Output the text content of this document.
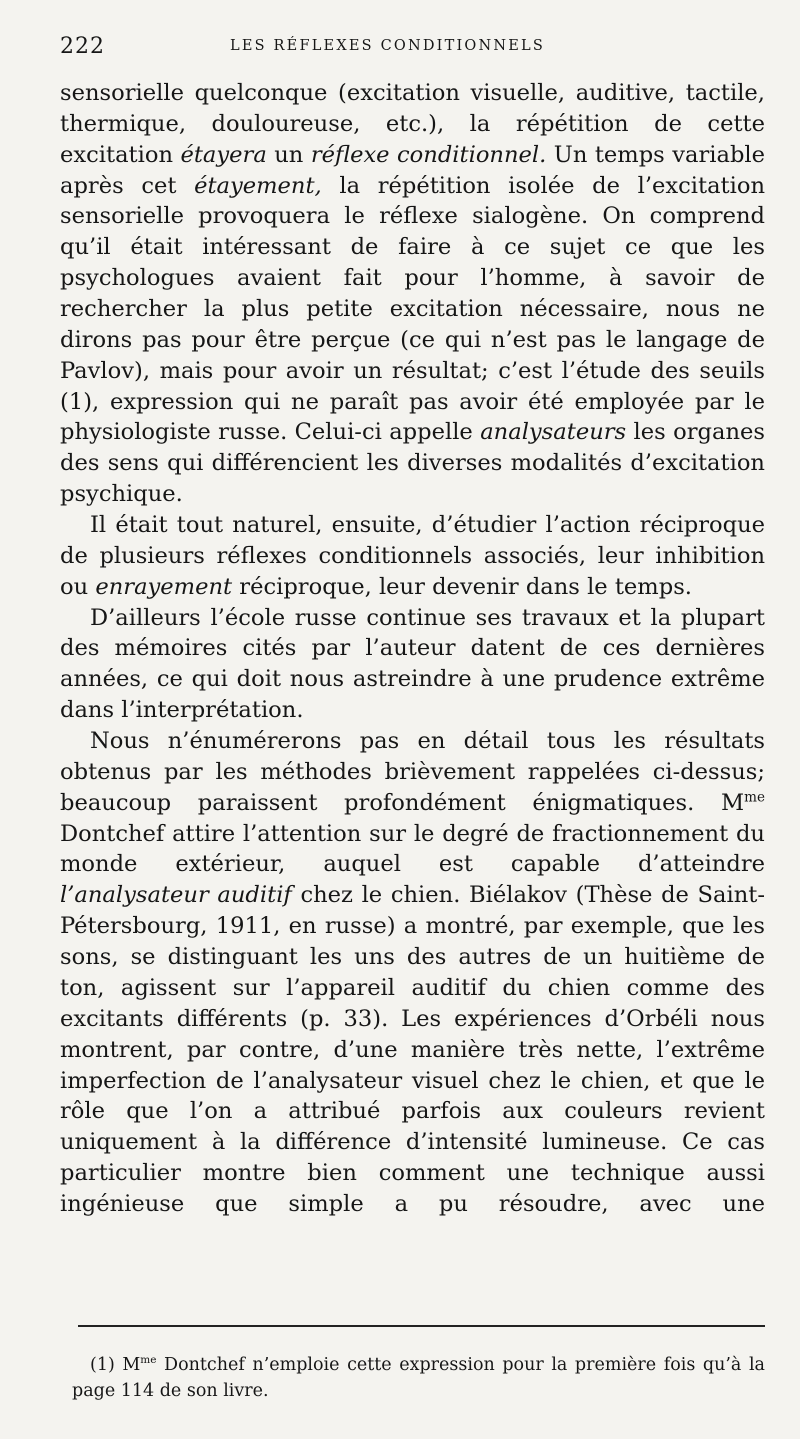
222	LES RÉFLEXES CONDITIONNELS

sensorielle quelconque (excitation visuelle, auditive, tactile, thermique, douloureuse, etc.), la répétition de cette excitation étayera un réflexe conditionnel. Un temps variable après cet étayement, la répétition isolée de l’excitation sensorielle provoquera le réflexe sialogène. On comprend qu’il était intéressant de faire à ce sujet ce que les psychologues avaient fait pour l’homme, à savoir de rechercher la plus petite excitation nécessaire, nous ne dirons pas pour être perçue (ce qui n’est pas le langage de Pavlov), mais pour avoir un résultat; c’est l’étude des seuils (1), expression qui ne paraît pas avoir été employée par le physiologiste russe. Celui-ci appelle analysateurs les organes des sens qui différencient les diverses modalités d’excitation psychique.

Il était tout naturel, ensuite, d’étudier l’action réciproque de plusieurs réflexes conditionnels associés, leur inhibition ou enrayement réciproque, leur devenir dans le temps.

D’ailleurs l’école russe continue ses travaux et la plupart des mémoires cités par l’auteur datent de ces dernières années, ce qui doit nous astreindre à une prudence extrême dans l’interprétation.

Nous n’énumérerons pas en détail tous les résultats obtenus par les méthodes brièvement rappelées ci-dessus; beaucoup paraissent profondément énigmatiques. $M^{me}$ Dontchef attire l’attention sur le degré de fractionnement du monde extérieur, auquel est capable d’atteindre l’analysateur auditif chez le chien. Biélakov (Thèse de Saint-Pétersbourg, 1911, en russe) a montré, par exemple, que les sons, se distinguant les uns des autres de un huitième de ton, agissent sur l’appareil auditif du chien comme des excitants différents (p. 33). Les expériences d’Orbéli nous montrent, par contre, d’une manière très nette, l’extrême imperfection de l’analysateur visuel chez le chien, et que le rôle que l’on a attribué parfois aux couleurs revient uniquement à la différence d’intensité lumineuse. Ce cas particulier montre bien comment une technique aussi ingénieuse que simple a pu résoudre, avec une

(1) $M^{me}$ Dontchef n’emploie cette expression pour la première fois qu’à la page 114 de son livre.
